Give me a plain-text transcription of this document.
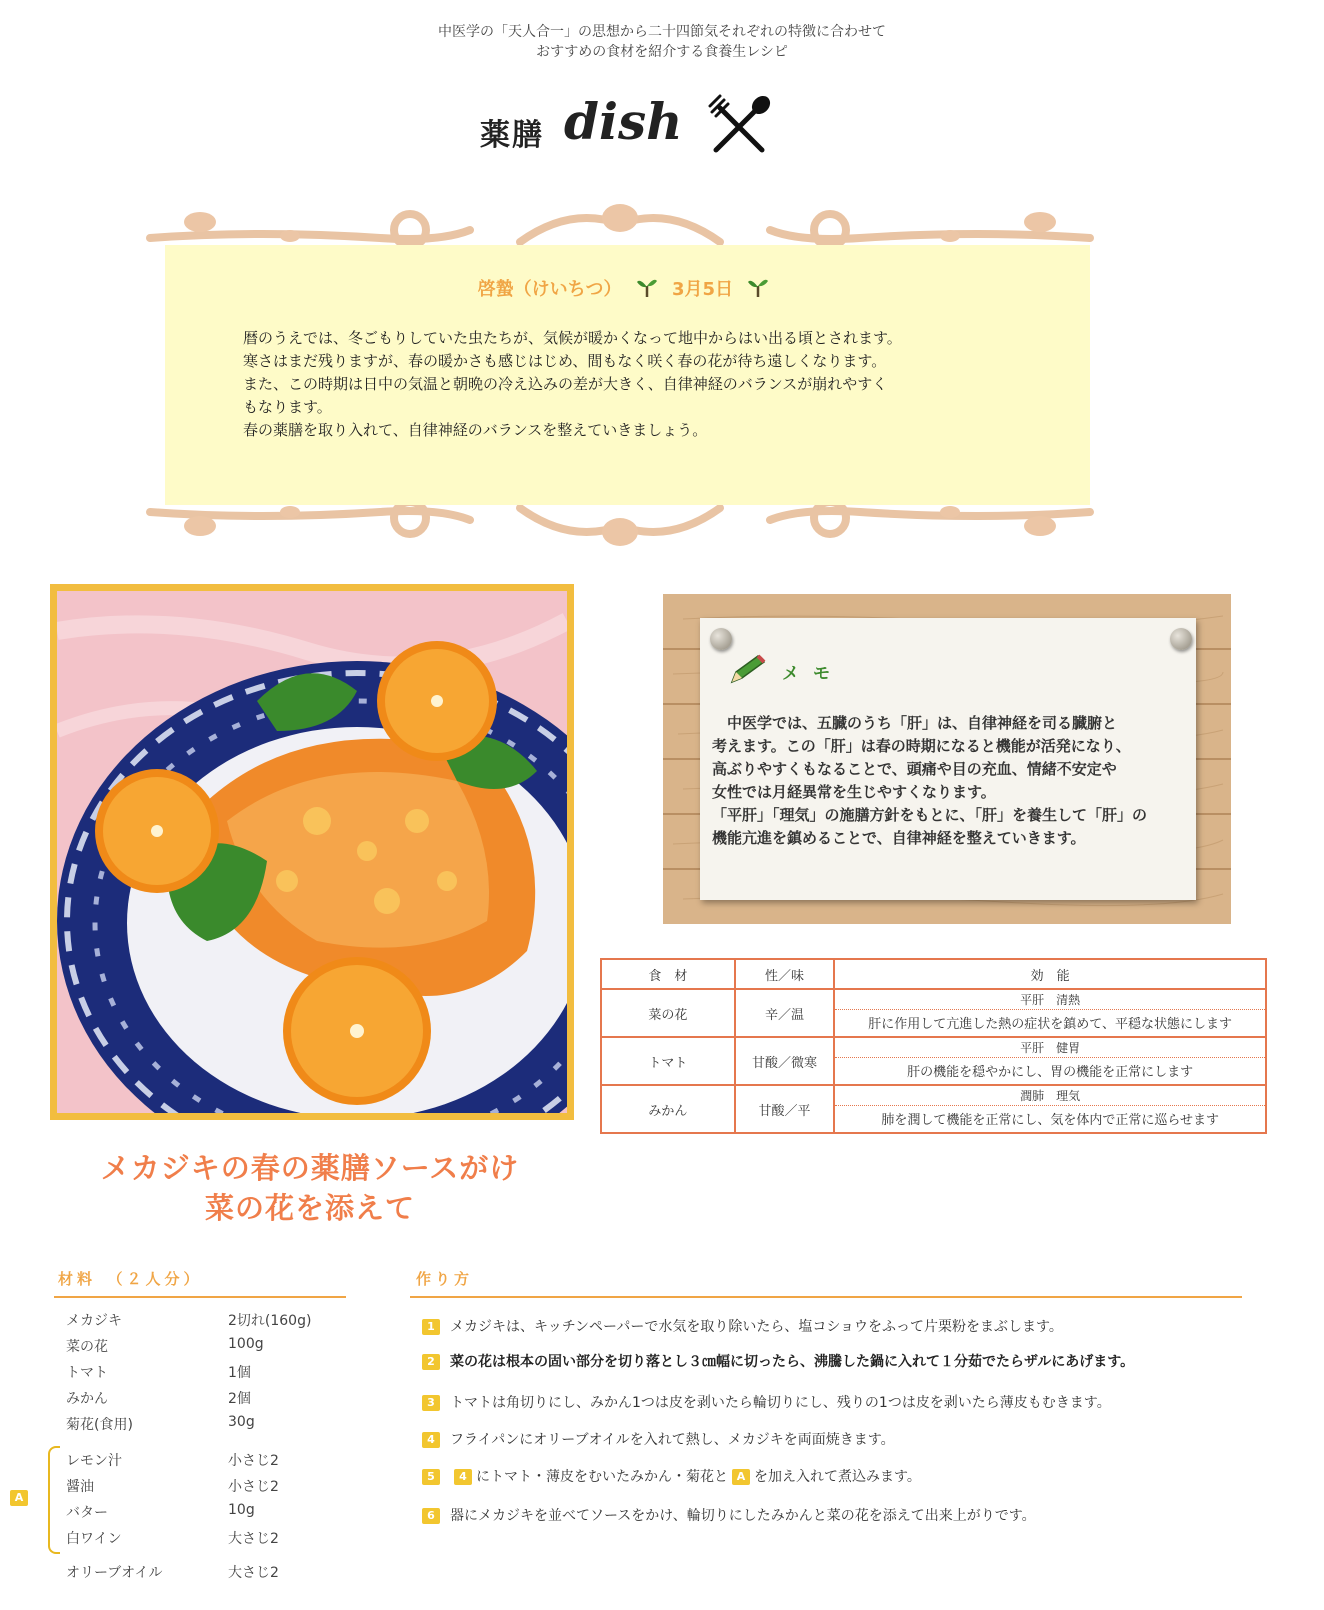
中医学の「天人合一」の思想から二十四節気それぞれの特徴に合わせて
おすすめの食材を紹介する食養生レシピ
薬膳 dish
啓蟄（けいちつ）	3月5日
暦のうえでは、冬ごもりしていた虫たちが、気候が暖かくなって地中からはい出る頃とされます。
寒さはまだ残りますが、春の暖かさも感じはじめ、間もなく咲く春の花が待ち遠しくなります。
また、この時期は日中の気温と朝晩の冷え込みの差が大きく、自律神経のバランスが崩れやすく
もなります。
春の薬膳を取り入れて、自律神経のバランスを整えていきましょう。
メカジキの春の薬膳ソースがけ
菜の花を添えて
メモ
　中医学では、五臓のうち「肝」は、自律神経を司る臓腑と
考えます。この「肝」は春の時期になると機能が活発になり、
高ぶりやすくもなることで、頭痛や目の充血、情緒不安定や
女性では月経異常を生じやすくなります。
「平肝」「理気」の施膳方針をもとに、「肝」を養生して「肝」の
機能亢進を鎮めることで、自律神経を整えていきます。
食　材	性／味	効　能
菜の花	辛／温	平肝　清熱
		肝に作用して亢進した熱の症状を鎮めて、平穏な状態にします
トマト	甘酸／微寒	平肝　健胃
		肝の機能を穏やかにし、胃の機能を正常にします
みかん	甘酸／平	潤肺　理気
		肺を潤して機能を正常にし、気を体内で正常に巡らせます
材料　（２人分）
メカジキ	2切れ(160g)
菜の花	100g
トマト	1個
みかん	2個
菊花(食用)	30g
レモン汁	小さじ2
醤油	小さじ2
バター	10g
白ワイン	大さじ2
オリーブオイル	大さじ2
A
作り方
1 メカジキは、キッチンペーパーで水気を取り除いたら、塩コショウをふって片栗粉をまぶします。
2 菜の花は根本の固い部分を切り落とし３㎝幅に切ったら、沸騰した鍋に入れて１分茹でたらザルにあげます。
3 トマトは角切りにし、みかん1つは皮を剥いたら輪切りにし、残りの1つは皮を剥いたら薄皮もむきます。
4 フライパンにオリーブオイルを入れて熱し、メカジキを両面焼きます。
5 4 にトマト・薄皮をむいたみかん・菊花と A を加え入れて煮込みます。
6 器にメカジキを並べてソースをかけ、輪切りにしたみかんと菜の花を添えて出来上がりです。
